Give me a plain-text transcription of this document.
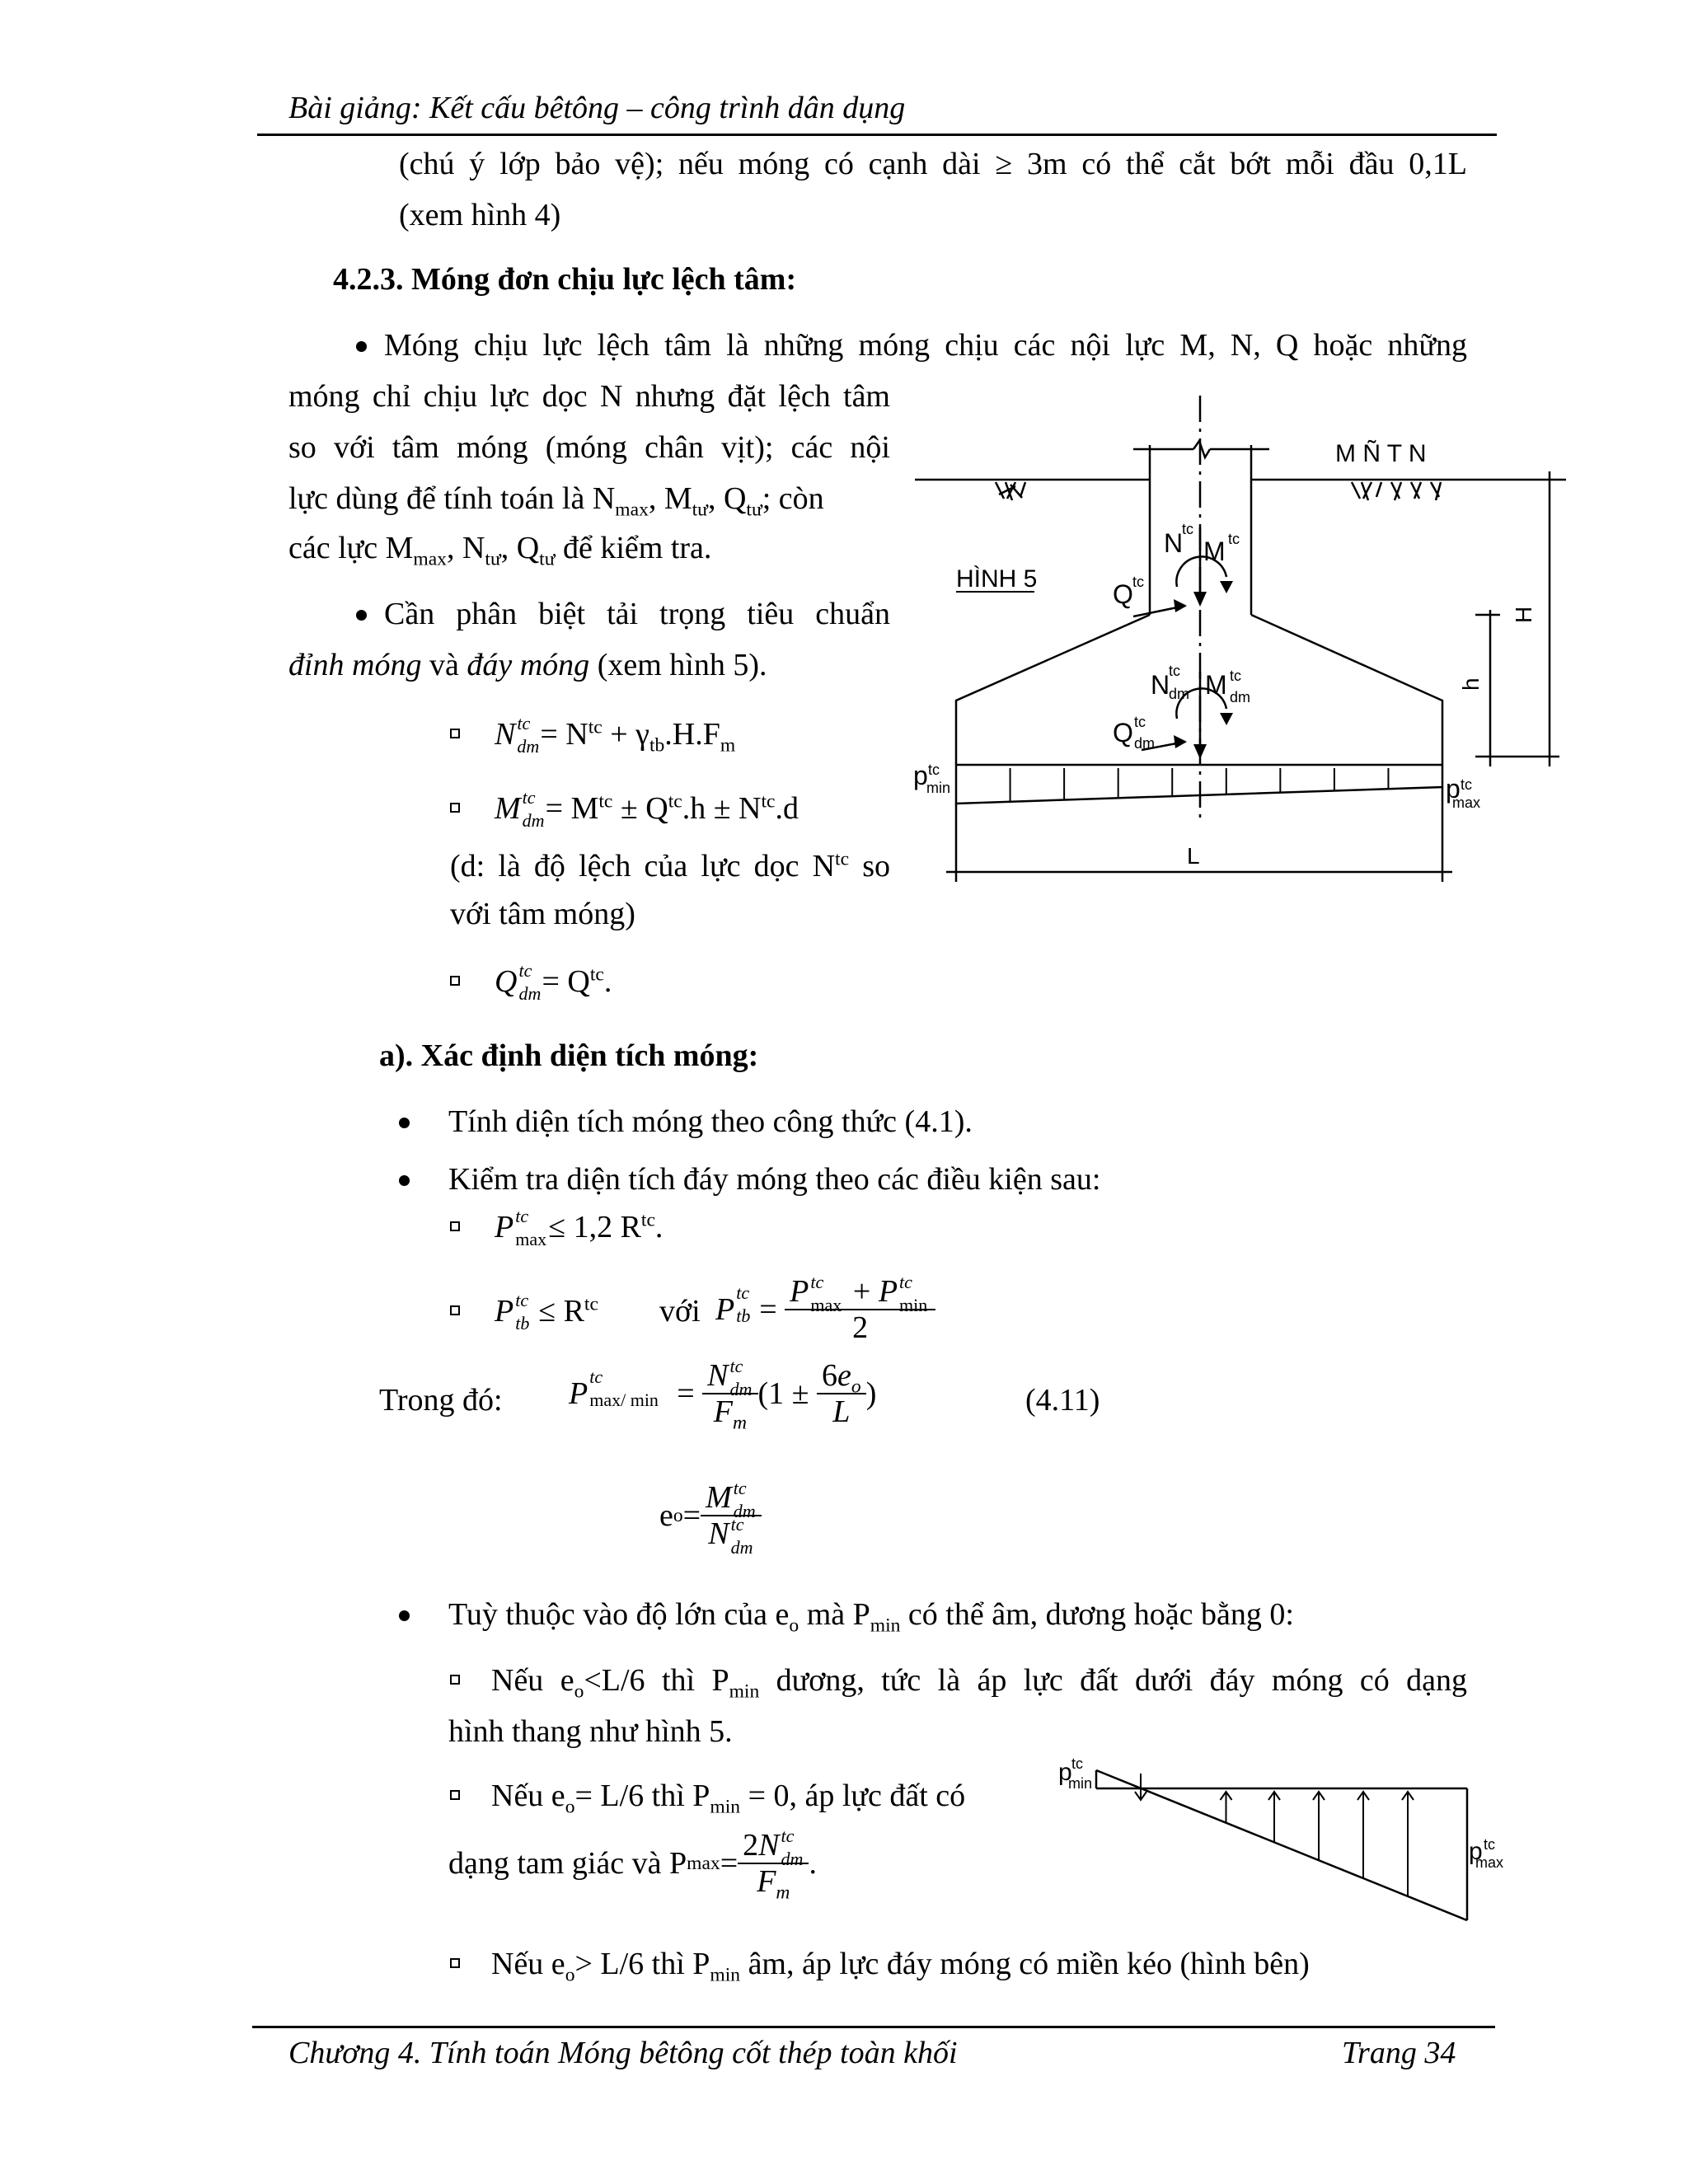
Bài giảng: Kết cấu bêtông – công trình dân dụng
(chú ý lớp bảo vệ); nếu móng có cạnh dài ≥ 3m có thể cắt bớt mỗi đầu 0,1L
(xem hình 4)
4.2.3. Móng đơn chịu lực lệch tâm:
Móng chịu lực lệch tâm là những móng chịu các nội lực M, N, Q hoặc những
móng chỉ chịu lực dọc N nhưng đặt lệch tâm
so với tâm móng (móng chân vịt); các nội
lực dùng để tính toán là $N_{max}$, $M_{tư}$, $Q_{tư}$; còn
các lực $M_{max}$, $N_{tư}$, $Q_{tư}$ để kiểm tra.
Cần phân biệt tải trọng tiêu chuẩn
đỉnh móng và đáy móng (xem hình 5).
N tc
dm = $N^{tc} + \gamma_{tb}.H.F_m$
M tc
dm = $M^{tc} \pm Q^{tc}.h \pm N^{tc}.d$
(d: là độ lệch của lực dọc $N^{tc}$ so
với tâm móng)
Q tc
dm = $Q^{tc}$.
a). Xác định diện tích móng:
Tính diện tích móng theo công thức (4.1).
Kiểm tra diện tích đáy móng theo các điều kiện sau:
P tc
max ≤ 1,2 $R^{tc}$.
P tc
tb ≤ $R^{tc}$ với P tc
tb = P tc
max + P tc
min
2
Trong đó: P tc
max/ min = N tc
dm
$F_m$ ($1 \pm \frac{6e_o}{L}$ )	(4.11)
eo= M tc
dm
N tc
dm
Tuỳ thuộc vào độ lớn của $e_o$ mà $P_{min}$ có thể âm, dương hoặc bằng 0:
Nếu $e_o<L/6$ thì $P_{min}$ dương, tức là áp lực đất dưới đáy móng có dạng
hình thang như hình 5.
Nếu $e_o= L/6$ thì $P_{min} = 0$, áp lực đất có
dạng tam giác và Pmax= 2N tc
dm
$F_m$ .
Nếu $e_o> L/6$ thì $P_{min}$ âm, áp lực đáy móng có miền kéo (hình bên)
HÌNH 5
M Ñ T N
N
tc
M tc
Q tc
N
tc
dm M tc
dm
Q tc
dm
p tc
min	p tc
max
L
H
h
p tc
min
p tc
max
Chương 4. Tính toán Móng bêtông cốt thép toàn khối	Trang 34
